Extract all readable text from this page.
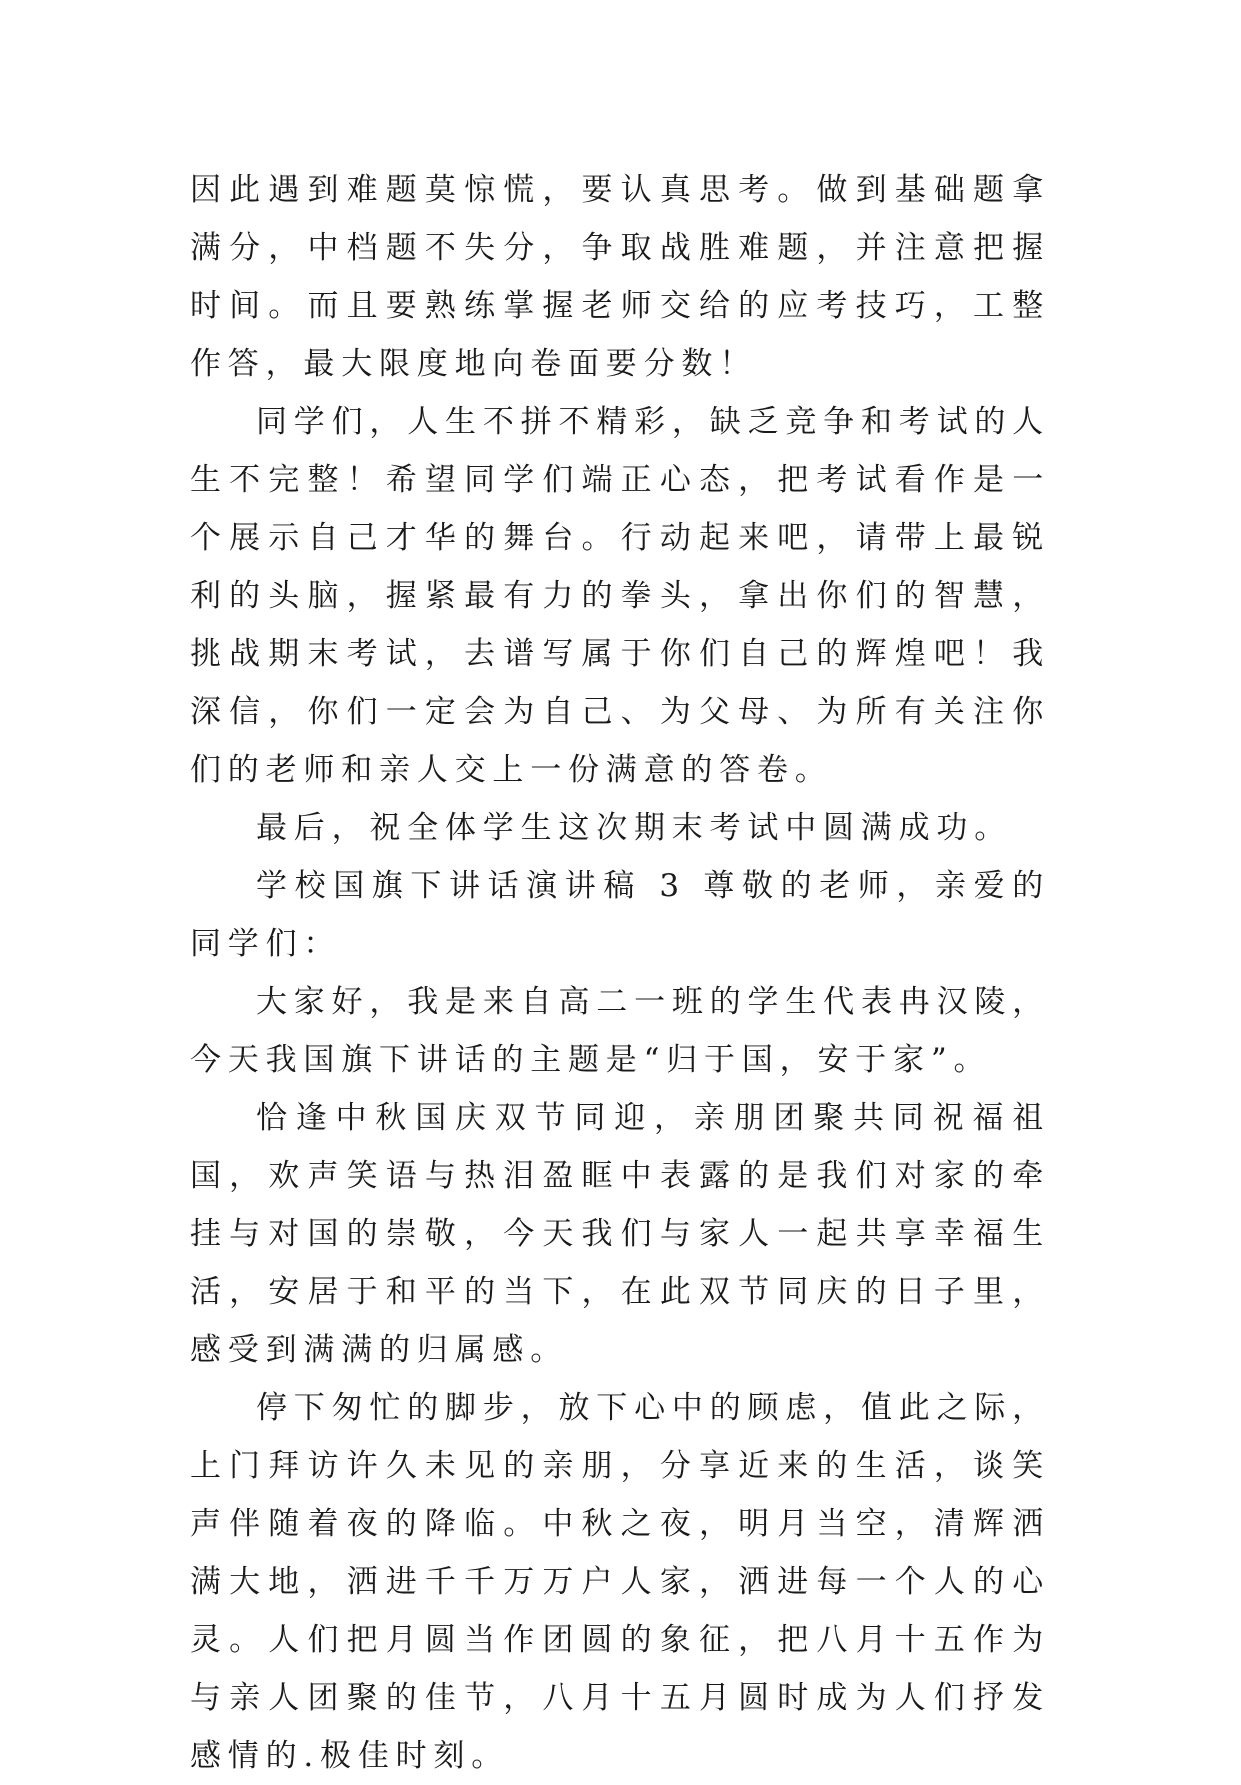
因此遇到难题莫惊慌，要认真思考。做到基础题拿满分，中档题不失分，争取战胜难题，并注意把握时间。而且要熟练掌握老师交给的应考技巧，工整作答，最大限度地向卷面要分数！

同学们，人生不拼不精彩，缺乏竞争和考试的人生不完整！希望同学们端正心态，把考试看作是一个展示自己才华的舞台。行动起来吧，请带上最锐利的头脑，握紧最有力的拳头，拿出你们的智慧，挑战期末考试，去谱写属于你们自己的辉煌吧！我深信，你们一定会为自己、为父母、为所有关注你们的老师和亲人交上一份满意的答卷。

最后，祝全体学生这次期末考试中圆满成功。

学校国旗下讲话演讲稿 3 尊敬的老师，亲爱的同学们：

大家好，我是来自高二一班的学生代表冉汉陵，今天我国旗下讲话的主题是“归于国，安于家”。

恰逢中秋国庆双节同迎，亲朋团聚共同祝福祖国，欢声笑语与热泪盈眶中表露的是我们对家的牵挂与对国的崇敬，今天我们与家人一起共享幸福生活，安居于和平的当下，在此双节同庆的日子里，感受到满满的归属感。

停下匆忙的脚步，放下心中的顾虑，值此之际，上门拜访许久未见的亲朋，分享近来的生活，谈笑声伴随着夜的降临。中秋之夜，明月当空，清辉洒满大地，洒进千千万万户人家，洒进每一个人的心灵。人们把月圆当作团圆的象征，把八月十五作为与亲人团聚的佳节，八月十五月圆时成为人们抒发感情的.极佳时刻。
